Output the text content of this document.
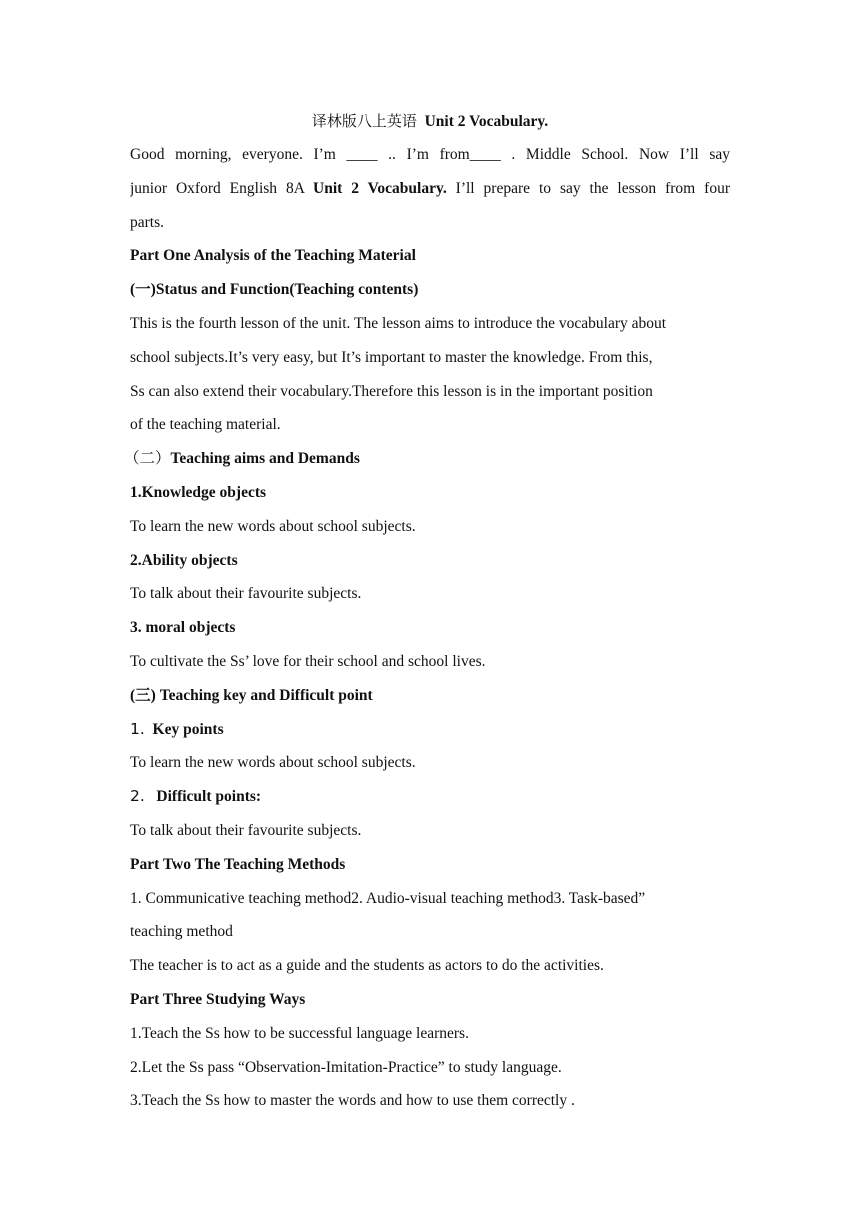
译林版八上英语 Unit 2 Vocabulary.
Good morning, everyone. I’m ____ .. I’m from____ . Middle School. Now I’ll say
junior Oxford English 8A Unit 2 Vocabulary. I’ll prepare to say the lesson from four
parts.
Part One Analysis of the Teaching Material
(一)Status and Function(Teaching contents)
This is the fourth lesson of the unit. The lesson aims to introduce the vocabulary about
school subjects.It’s very easy, but It’s important to master the knowledge. From this,
Ss can also extend their vocabulary.Therefore this lesson is in the important position
of the teaching material.
（二）Teaching aims and Demands
1.Knowledge objects
To learn the new words about school subjects.
2.Ability objects
To talk about their favourite subjects.
3. moral objects
To cultivate the Ss’ love for their school and school lives.
(三) Teaching key and Difficult point
1. Key points
To learn the new words about school subjects.
2. Difficult points:
To talk about their favourite subjects.
Part Two The Teaching Methods
1. Communicative teaching method2. Audio-visual teaching method3. Task-based”
teaching method
The teacher is to act as a guide and the students as actors to do the activities.
Part Three Studying Ways
1.Teach the Ss how to be successful language learners.
2.Let the Ss pass “Observation-Imitation-Practice” to study language.
3.Teach the Ss how to master the words and how to use them correctly .
